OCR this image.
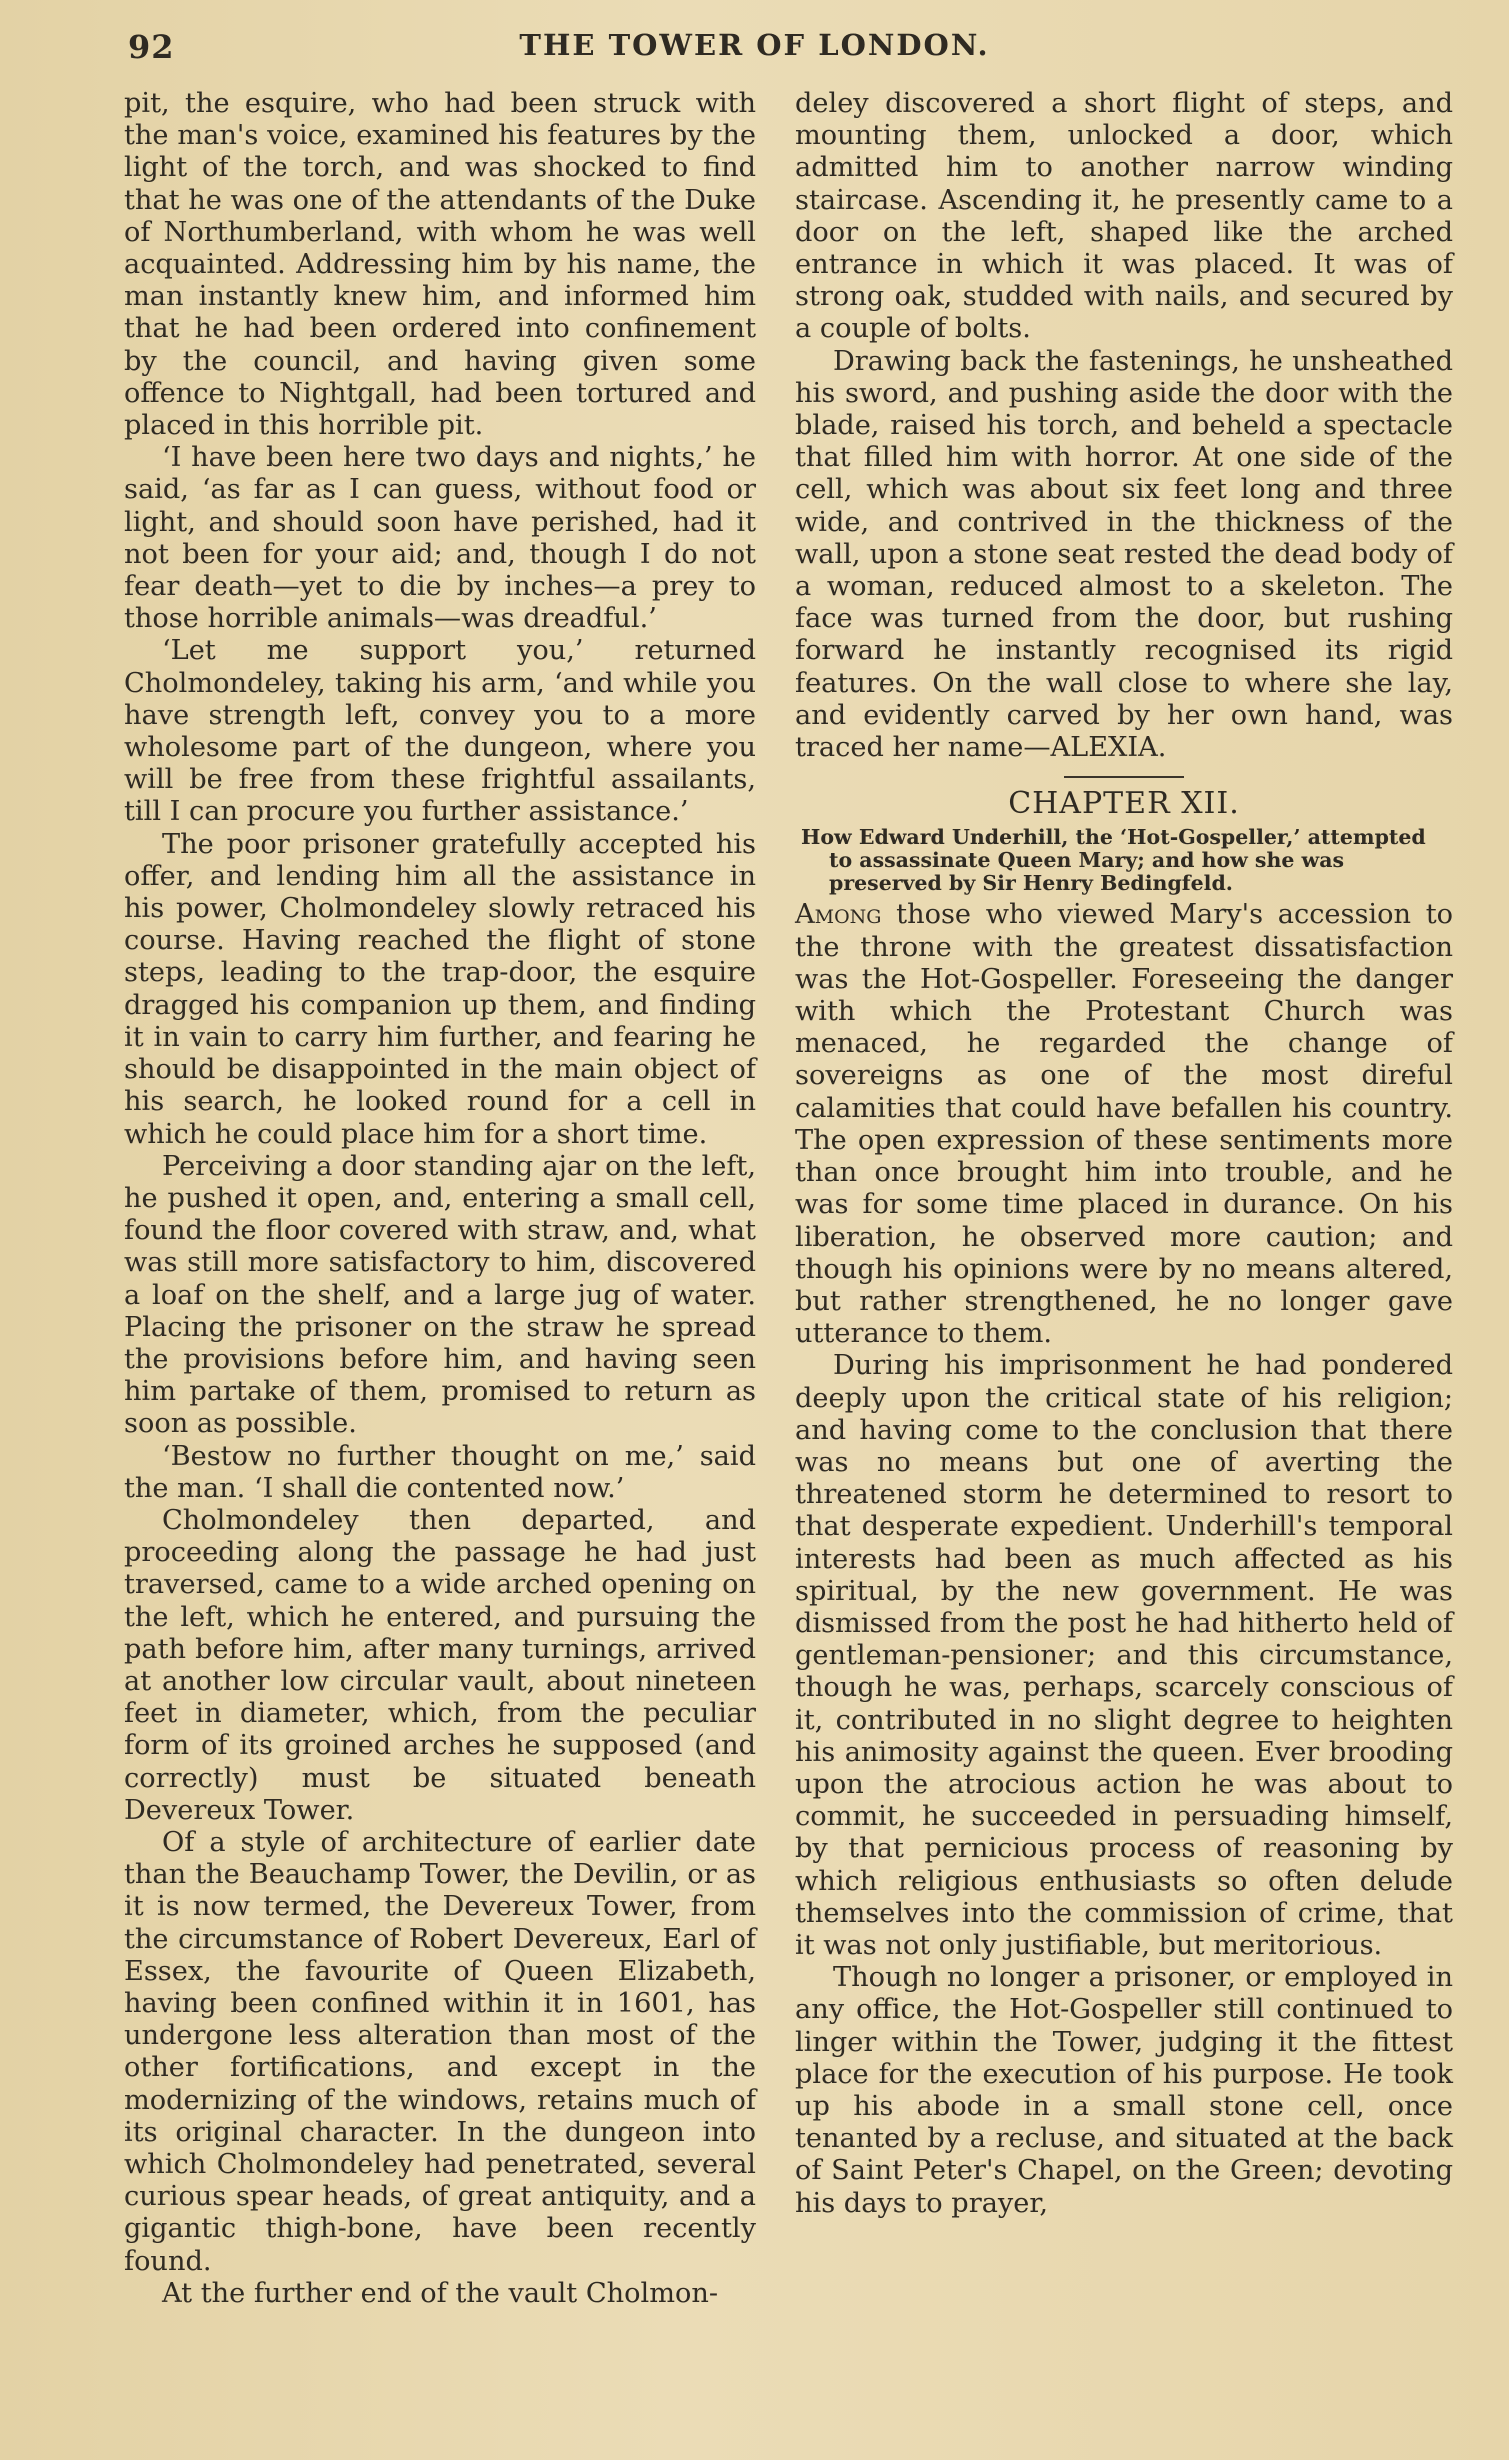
92	THE TOWER OF LONDON.

pit, the esquire, who had been struck with the man's voice, examined his features by the light of the torch, and was shocked to find that he was one of the attendants of the Duke of Northumberland, with whom he was well acquainted. Addressing him by his name, the man instantly knew him, and informed him that he had been ordered into confinement by the council, and having given some offence to Nightgall, had been tortured and placed in this horrible pit.

‘I have been here two days and nights,’ he said, ‘as far as I can guess, without food or light, and should soon have perished, had it not been for your aid; and, though I do not fear death—yet to die by inches—a prey to those horrible animals—was dreadful.’

‘Let me support you,’ returned Cholmondeley, taking his arm, ‘and while you have strength left, convey you to a more wholesome part of the dungeon, where you will be free from these frightful assailants, till I can procure you further assistance.’

The poor prisoner gratefully accepted his offer, and lending him all the assistance in his power, Cholmondeley slowly retraced his course. Having reached the flight of stone steps, leading to the trap-door, the esquire dragged his companion up them, and finding it in vain to carry him further, and fearing he should be disappointed in the main object of his search, he looked round for a cell in which he could place him for a short time.

Perceiving a door standing ajar on the left, he pushed it open, and, entering a small cell, found the floor covered with straw, and, what was still more satisfactory to him, discovered a loaf on the shelf, and a large jug of water. Placing the prisoner on the straw he spread the provisions before him, and having seen him partake of them, promised to return as soon as possible.

‘Bestow no further thought on me,’ said the man. ‘I shall die contented now.’

Cholmondeley then departed, and proceeding along the passage he had just traversed, came to a wide arched opening on the left, which he entered, and pursuing the path before him, after many turnings, arrived at another low circular vault, about nineteen feet in diameter, which, from the peculiar form of its groined arches he supposed (and correctly) must be situated beneath Devereux Tower.

Of a style of architecture of earlier date than the Beauchamp Tower, the Devilin, or as it is now termed, the Devereux Tower, from the circumstance of Robert Devereux, Earl of Essex, the favourite of Queen Elizabeth, having been confined within it in 1601, has undergone less alteration than most of the other fortifications, and except in the modernizing of the windows, retains much of its original character. In the dungeon into which Cholmondeley had penetrated, several curious spear heads, of great antiquity, and a gigantic thigh-bone, have been recently found.

At the further end of the vault Cholmon-

deley discovered a short flight of steps, and mounting them, unlocked a door, which admitted him to another narrow winding staircase. Ascending it, he presently came to a door on the left, shaped like the arched entrance in which it was placed. It was of strong oak, studded with nails, and secured by a couple of bolts.

Drawing back the fastenings, he unsheathed his sword, and pushing aside the door with the blade, raised his torch, and beheld a spectacle that filled him with horror. At one side of the cell, which was about six feet long and three wide, and contrived in the thickness of the wall, upon a stone seat rested the dead body of a woman, reduced almost to a skeleton. The face was turned from the door, but rushing forward he instantly recognised its rigid features. On the wall close to where she lay, and evidently carved by her own hand, was traced her name—ALEXIA.

CHAPTER XII.
How Edward Underhill, the ‘Hot-Gospeller,’ attempted to assassinate Queen Mary; and how she was preserved by Sir Henry Bedingfeld.

Among those who viewed Mary's accession to the throne with the greatest dissatisfaction was the Hot-Gospeller. Foreseeing the danger with which the Protestant Church was menaced, he regarded the change of sovereigns as one of the most direful calamities that could have befallen his country. The open expression of these sentiments more than once brought him into trouble, and he was for some time placed in durance. On his liberation, he observed more caution; and though his opinions were by no means altered, but rather strengthened, he no longer gave utterance to them.

During his imprisonment he had pondered deeply upon the critical state of his religion; and having come to the conclusion that there was no means but one of averting the threatened storm he determined to resort to that desperate expedient. Underhill's temporal interests had been as much affected as his spiritual, by the new government. He was dismissed from the post he had hitherto held of gentleman-pensioner; and this circumstance, though he was, perhaps, scarcely conscious of it, contributed in no slight degree to heighten his animosity against the queen. Ever brooding upon the atrocious action he was about to commit, he succeeded in persuading himself, by that pernicious process of reasoning by which religious enthusiasts so often delude themselves into the commission of crime, that it was not only justifiable, but meritorious.

Though no longer a prisoner, or employed in any office, the Hot-Gospeller still continued to linger within the Tower, judging it the fittest place for the execution of his purpose. He took up his abode in a small stone cell, once tenanted by a recluse, and situated at the back of Saint Peter's Chapel, on the Green; devoting his days to prayer,
